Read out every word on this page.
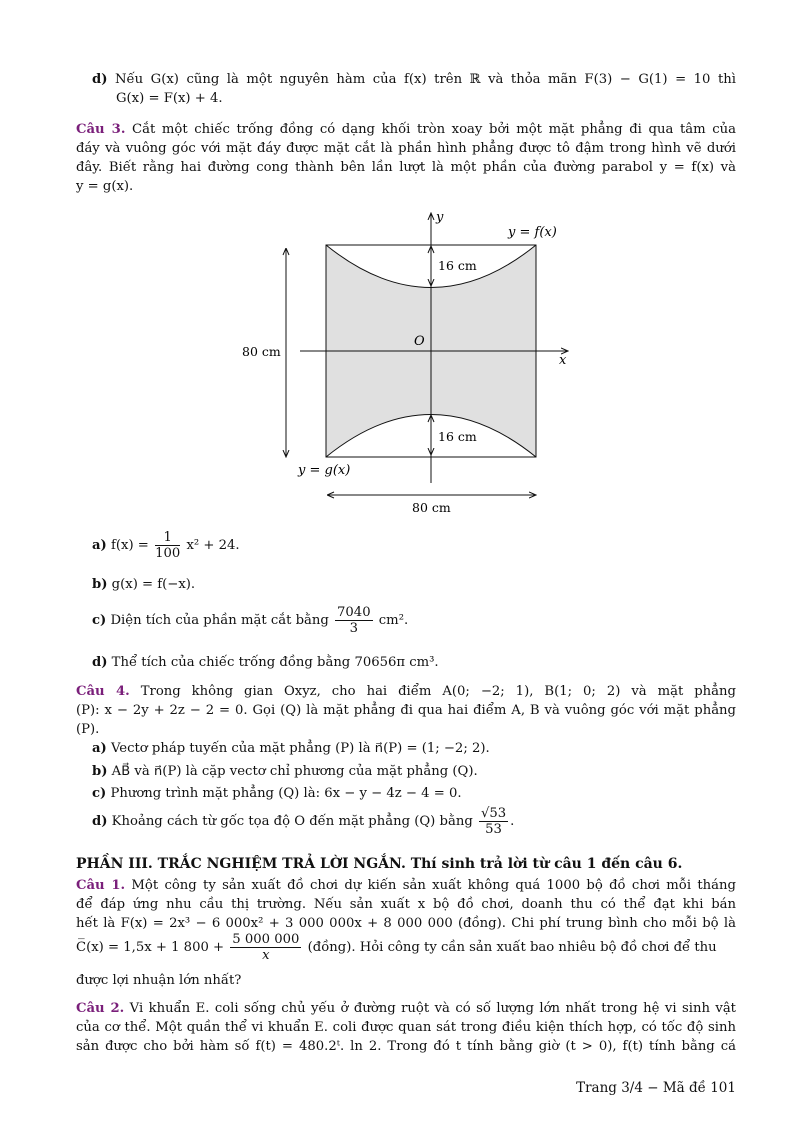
d) Nếu G(x) cũng là một nguyên hàm của f(x) trên ℝ và thỏa mãn F(3) − G(1) = 10 thì
G(x) = F(x) + 4.
Câu 3. Cắt một chiếc trống đồng có dạng khối tròn xoay bởi một mặt phẳng đi qua tâm của
đáy và vuông góc với mặt đáy được mặt cắt là phần hình phẳng được tô đậm trong hình vẽ dưới
đây. Biết rằng hai đường cong thành bên lần lượt là một phần của đường parabol y = f(x) và
y = g(x).
y
x
O
y = f(x)
y = g(x)
80 cm
80 cm
16 cm
16 cm
a) $f(x) = \frac{1}{100} x^2 + 24$.
b) g(x) = f(−x).
c) Diện tích của phần mặt cắt bằng $\frac{7040}{3} cm^2$.
d) Thể tích của chiếc trống đồng bằng 70656π cm³.
Câu 4. Trong không gian Oxyz, cho hai điểm A(0; −2; 1), B(1; 0; 2) và mặt phẳng
(P): x − 2y + 2z − 2 = 0. Gọi (Q) là mặt phẳng đi qua hai điểm A, B và vuông góc với mặt phẳng
(P).
a) Vectơ pháp tuyến của mặt phẳng (P) là n⃗(P) = (1; −2; 2).
b) AB⃗ và n⃗(P) là cặp vectơ chỉ phương của mặt phẳng (Q).
c) Phương trình mặt phẳng (Q) là: 6x − y − 4z − 4 = 0.
d) Khoảng cách từ gốc tọa độ O đến mặt phẳng (Q) bằng $\frac{√53}{53}$ .
PHẦN III. TRẮC NGHIỆM TRẢ LỜI NGẮN. Thí sinh trả lời từ câu 1 đến câu 6.
Câu 1. Một công ty sản xuất đồ chơi dự kiến sản xuất không quá 1000 bộ đồ chơi mỗi tháng
để đáp ứng nhu cầu thị trường. Nếu sản xuất x bộ đồ chơi, doanh thu có thể đạt khi bán
hết là F(x) = 2x³ − 6 000x² + 3 000 000x + 8 000 000 (đồng). Chi phí trung bình cho mỗi bộ là
C̅(x) = 1,5x + 1 $800 + \frac{5 000 000}{x}$ (đồng). Hỏi công ty cần sản xuất bao nhiêu bộ đồ chơi để thu
được lợi nhuận lớn nhất?
Câu 2. Vi khuẩn E. coli sống chủ yếu ở đường ruột và có số lượng lớn nhất trong hệ vi sinh vật
của cơ thể. Một quần thể vi khuẩn E. coli được quan sát trong điều kiện thích hợp, có tốc độ sinh
sản được cho bởi hàm số f(t) = 480.2ᵗ. ln 2. Trong đó t tính bằng giờ (t > 0), f(t) tính bằng cá
Trang 3/4 − Mã đề 101
